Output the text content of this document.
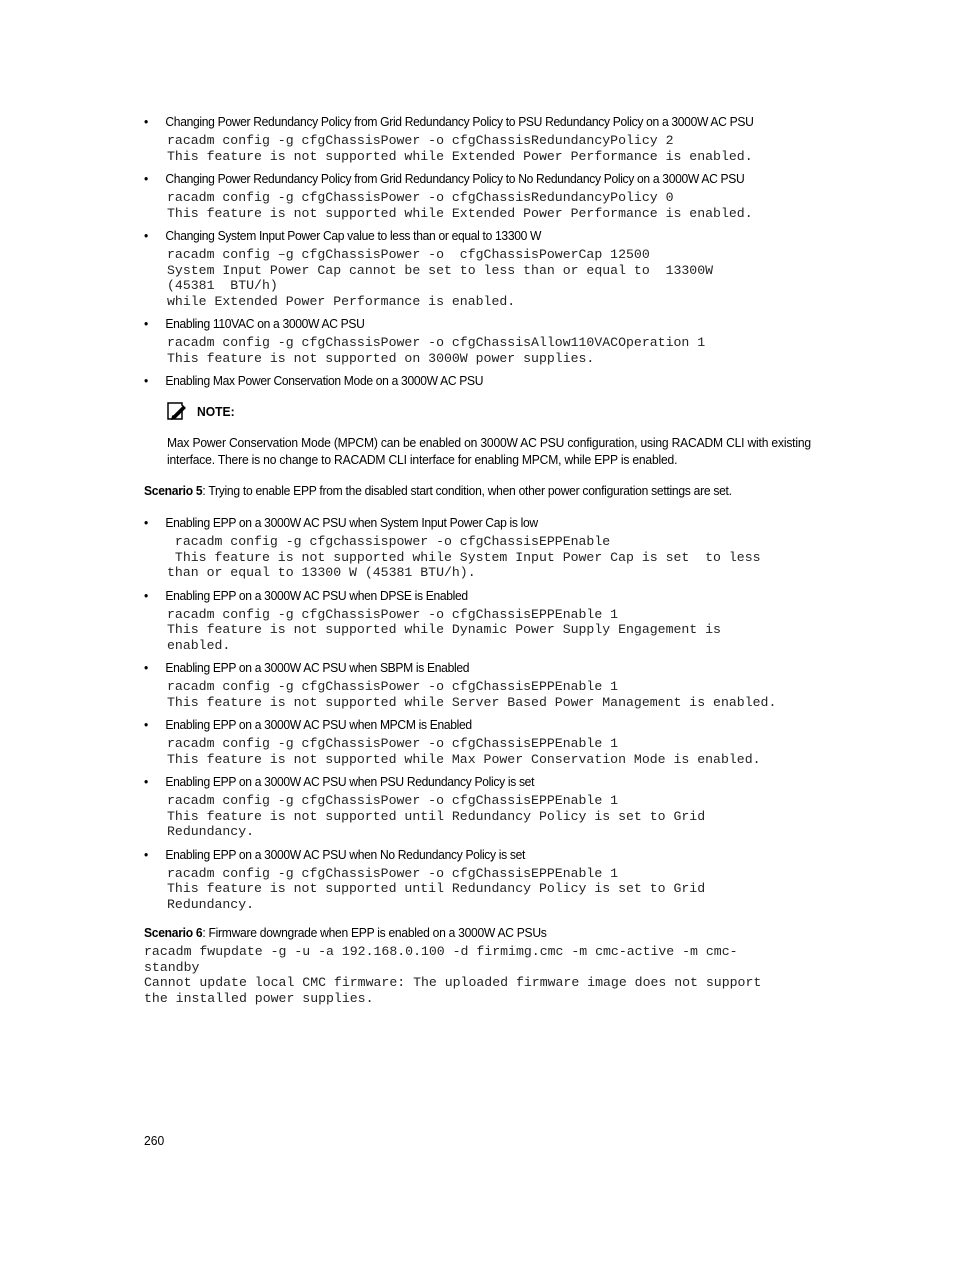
• Changing Power Redundancy Policy from Grid Redundancy Policy to PSU Redundancy Policy on a 3000W AC PSU
racadm config -g cfgChassisPower -o cfgChassisRedundancyPolicy 2
This feature is not supported while Extended Power Performance is enabled.
• Changing Power Redundancy Policy from Grid Redundancy Policy to No Redundancy Policy on a 3000W AC PSU
racadm config -g cfgChassisPower -o cfgChassisRedundancyPolicy 0
This feature is not supported while Extended Power Performance is enabled.
• Changing System Input Power Cap value to less than or equal to 13300 W
racadm config –g cfgChassisPower -o  cfgChassisPowerCap 12500
System Input Power Cap cannot be set to less than or equal to  13300W
(45381  BTU/h)
while Extended Power Performance is enabled.
• Enabling 110VAC on a 3000W AC PSU
racadm config -g cfgChassisPower -o cfgChassisAllow110VACOperation 1
This feature is not supported on 3000W power supplies.
• Enabling Max Power Conservation Mode on a 3000W AC PSU
NOTE:
Max Power Conservation Mode (MPCM) can be enabled on 3000W AC PSU configuration, using RACADM CLI with existing interface. There is no change to RACADM CLI interface for enabling MPCM, while EPP is enabled.
Scenario 5: Trying to enable EPP from the disabled start condition, when other power configuration settings are set.
• Enabling EPP on a 3000W AC PSU when System Input Power Cap is low
racadm config -g cfgchassispower -o cfgChassisEPPEnable
This feature is not supported while System Input Power Cap is set  to less
than or equal to 13300 W (45381 BTU/h).
• Enabling EPP on a 3000W AC PSU when DPSE is Enabled
racadm config -g cfgChassisPower -o cfgChassisEPPEnable 1
This feature is not supported while Dynamic Power Supply Engagement is
enabled.
• Enabling EPP on a 3000W AC PSU when SBPM is Enabled
racadm config -g cfgChassisPower -o cfgChassisEPPEnable 1
This feature is not supported while Server Based Power Management is enabled.
• Enabling EPP on a 3000W AC PSU when MPCM is Enabled
racadm config -g cfgChassisPower -o cfgChassisEPPEnable 1
This feature is not supported while Max Power Conservation Mode is enabled.
• Enabling EPP on a 3000W AC PSU when PSU Redundancy Policy is set
racadm config -g cfgChassisPower -o cfgChassisEPPEnable 1
This feature is not supported until Redundancy Policy is set to Grid
Redundancy.
• Enabling EPP on a 3000W AC PSU when No Redundancy Policy is set
racadm config -g cfgChassisPower -o cfgChassisEPPEnable 1
This feature is not supported until Redundancy Policy is set to Grid
Redundancy.
Scenario 6: Firmware downgrade when EPP is enabled on a 3000W AC PSUs
racadm fwupdate -g -u -a 192.168.0.100 -d firmimg.cmc -m cmc-active -m cmc-
standby
Cannot update local CMC firmware: The uploaded firmware image does not support
the installed power supplies.
260
